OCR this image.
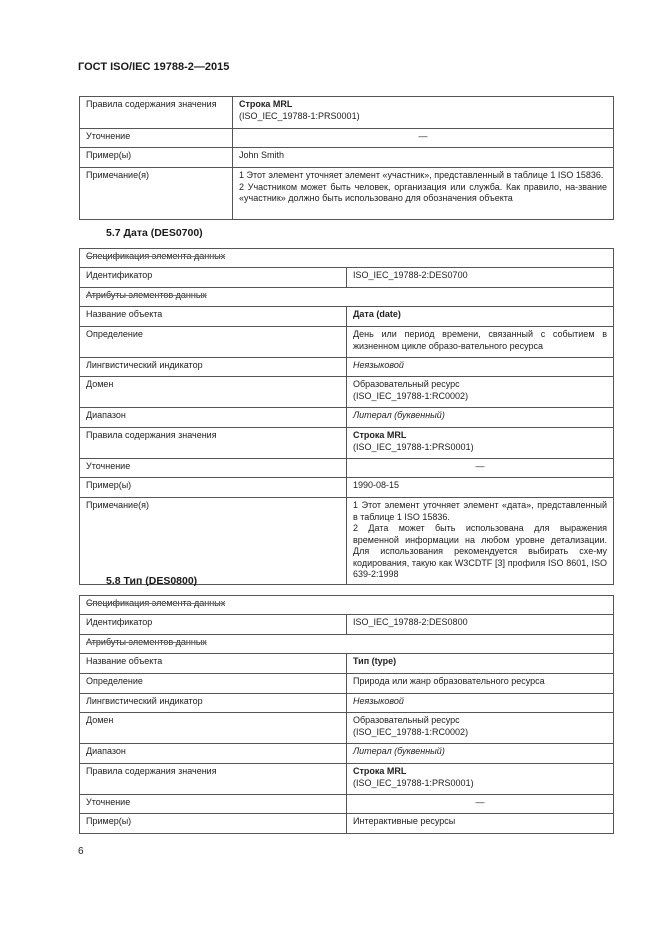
ГОСТ ISO/IEC 19788-2—2015
Правила содержания значения	Строка MRL
(ISO_IEC_19788-1:PRS0001)

Уточнение	—
Пример(ы)	John Smith
Примечание(я)	1 Этот элемент уточняет элемент «участник», представленный в таблице 1 ISO 15836.
2 Участником может быть человек, организация или служба. Как правило, на-звание «участник» должно быть использовано для обозначения объекта
5.7 Дата (DES0700)
Спецификация элемента данных	
Идентификатор	ISO_IEC_19788-2:DES0700
Атрибуты элементов данных	
Название объекта	Дата (date)
Определение	День или период времени, связанный с событием в жизненном цикле образо-вательного ресурса
Лингвистический индикатор	Неязыковой
Домен	Образовательный ресурс
(ISO_IEC_19788-1:RC0002)

Диапазон	Литерал (буквенный)
Правила содержания значения	Строка MRL
(ISO_IEC_19788-1:PRS0001)

Уточнение	—
Пример(ы)	1990-08-15
Примечание(я)	1 Этот элемент уточняет элемент «дата», представленный в таблице 1 ISO 15836.
2 Дата может быть использована для выражения временной информации на любом уровне детализации. Для использования рекомендуется выбирать схе-му кодирования, такую как W3CDTF [3] профиля ISO 8601, ISO 639-2:1998
5.8 Тип (DES0800)
Спецификация элемента данных	
Идентификатор	ISO_IEC_19788-2:DES0800
Атрибуты элементов данных	
Название объекта	Тип (type)
Определение	Природа или жанр образовательного ресурса
Лингвистический индикатор	Неязыковой
Домен	Образовательный ресурс
(ISO_IEC_19788-1:RC0002)

Диапазон	Литерал (буквенный)
Правила содержания значения	Строка MRL
(ISO_IEC_19788-1:PRS0001)

Уточнение	—
Пример(ы)	Интерактивные ресурсы
6
